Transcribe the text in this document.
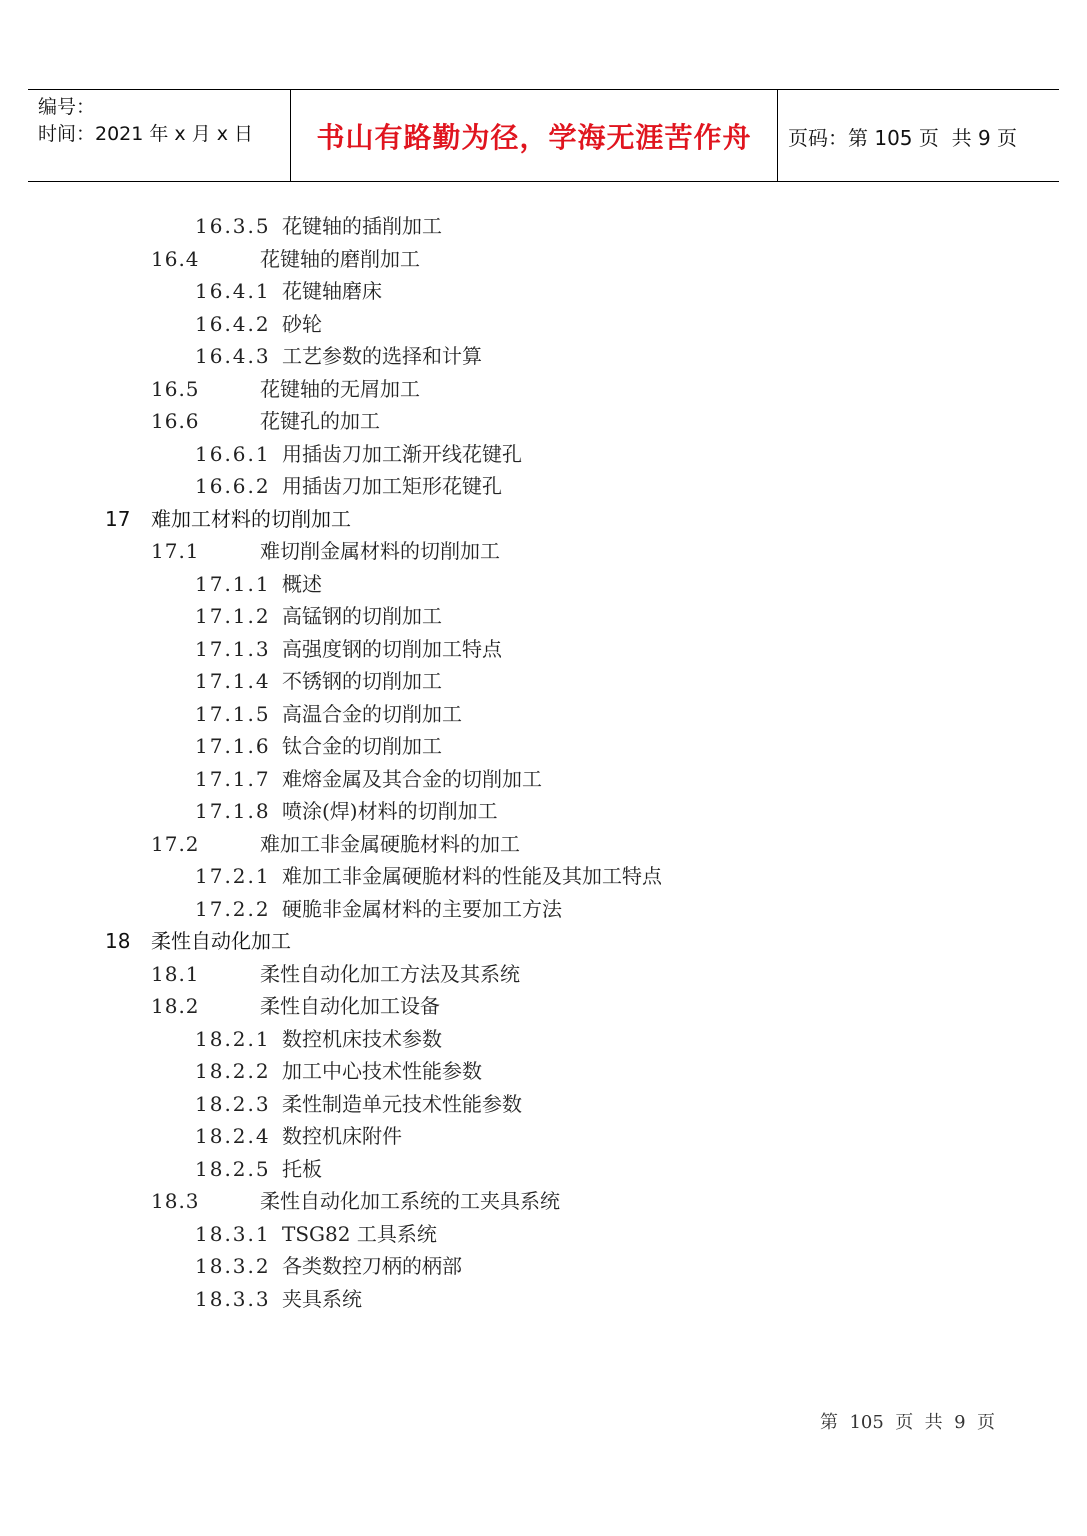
编号：
时间：2021 年 x 月 x 日	书山有路勤为径，学海无涯苦作舟	页码：第 105 页  共 9 页
16.3.5 花键轴的插削加工
16.4	花键轴的磨削加工
16.4.1 花键轴磨床
16.4.2 砂轮
16.4.3 工艺参数的选择和计算
16.5	花键轴的无屑加工
16.6	花键孔的加工
16.6.1 用插齿刀加工渐开线花键孔
16.6.2 用插齿刀加工矩形花键孔
17 难加工材料的切削加工
17.1	难切削金属材料的切削加工
17.1.1 概述
17.1.2 高锰钢的切削加工
17.1.3 高强度钢的切削加工特点
17.1.4 不锈钢的切削加工
17.1.5 高温合金的切削加工
17.1.6 钛合金的切削加工
17.1.7 难熔金属及其合金的切削加工
17.1.8 喷涂(焊)材料的切削加工
17.2	难加工非金属硬脆材料的加工
17.2.1 难加工非金属硬脆材料的性能及其加工特点
17.2.2 硬脆非金属材料的主要加工方法
18 柔性自动化加工
18.1	柔性自动化加工方法及其系统
18.2	柔性自动化加工设备
18.2.1 数控机床技术参数
18.2.2 加工中心技术性能参数
18.2.3 柔性制造单元技术性能参数
18.2.4 数控机床附件
18.2.5 托板
18.3	柔性自动化加工系统的工夹具系统
18.3.1 TSG82 工具系统
18.3.2 各类数控刀柄的柄部
18.3.3 夹具系统
第  105  页  共  9  页
